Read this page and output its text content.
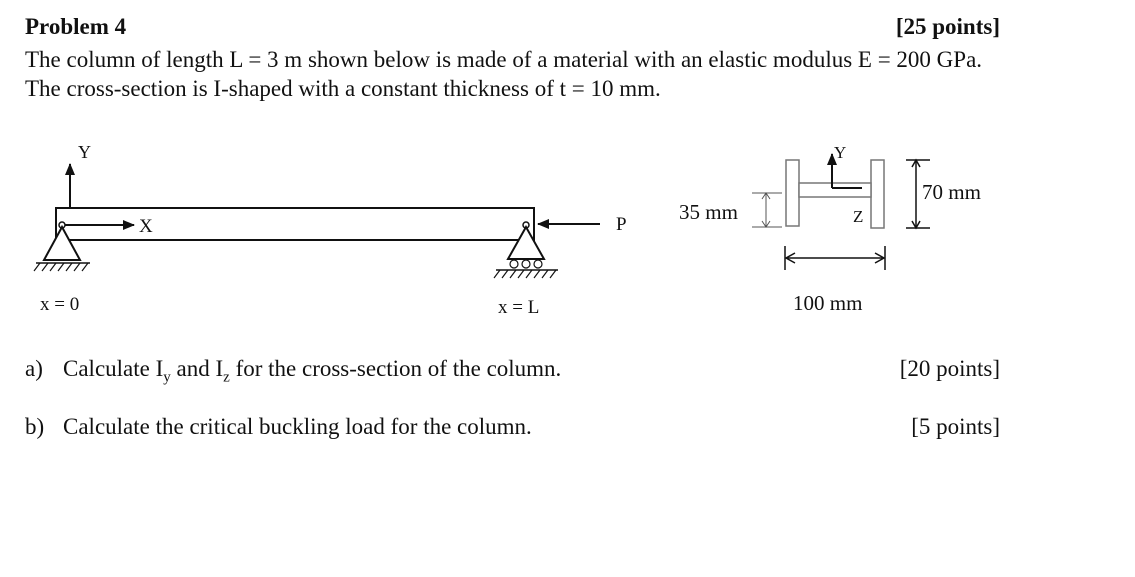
Problem 4	[25 points]
The column of length L = 3 m shown below is made of a material with an elastic modulus E = 200 GPa. The cross-section is I-shaped with a constant thickness of t = 10 mm.
Y
X	P
x = 0	x = L
Y
Z
35 mm
70 mm
100 mm
a) Calculate $I_y$ and $I_z$ for the cross-section of the column.	[20 points]
b) Calculate the critical buckling load for the column.	[5 points]
